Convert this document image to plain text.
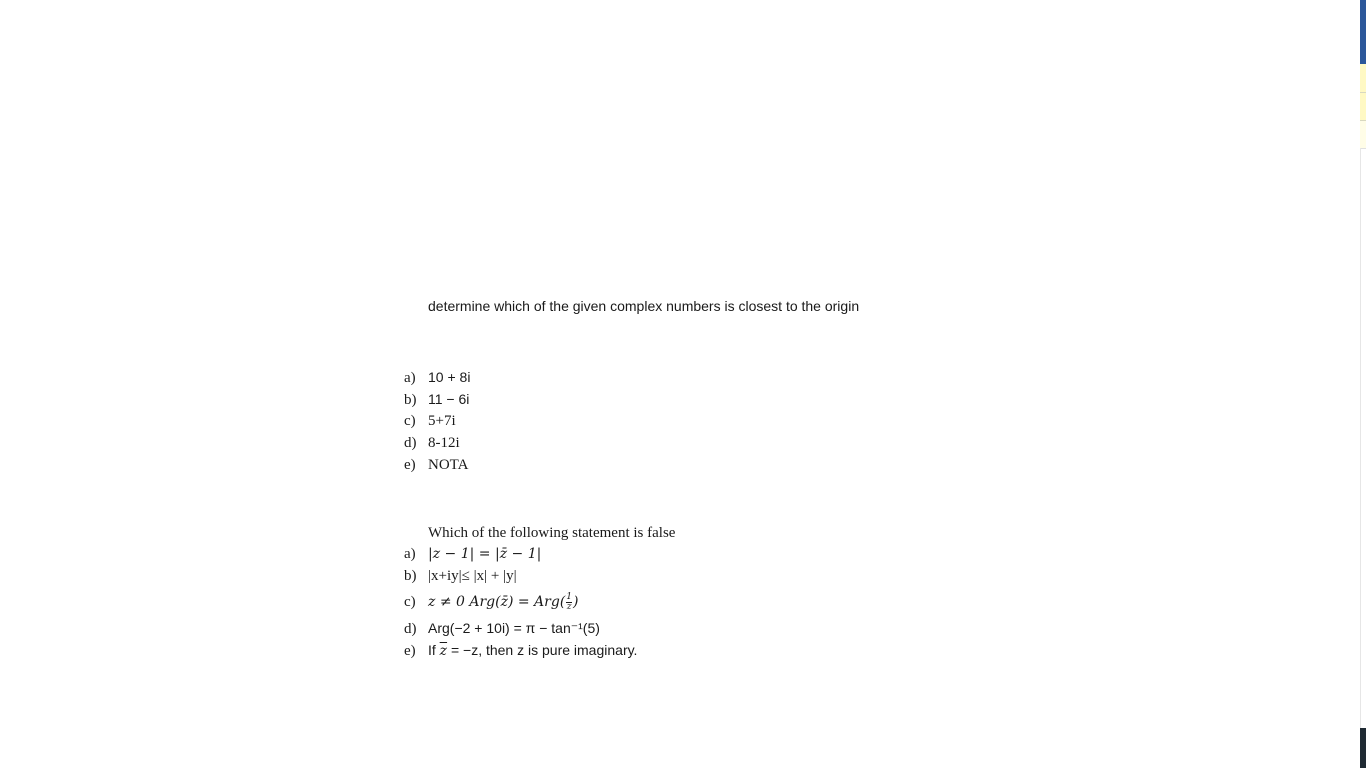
determine which of the given complex numbers is closest to the origin
a) 10 + 8i
b) 11 − 6i
c) 5+7i
d) 8-12i
e) NOTA
 Which of the following statement is false
a) |z − 1| = |z̄ − 1|
b) |x+iy|≤ |x| + |y|
c) z ≠ 0 Arg(z̄) = $Arg( \frac{1}{z}$ )
d) Arg(−2 + 10i) = π − tan⁻¹(5)
e) If $\overline{z} = -z$, then z is pure imaginary.
